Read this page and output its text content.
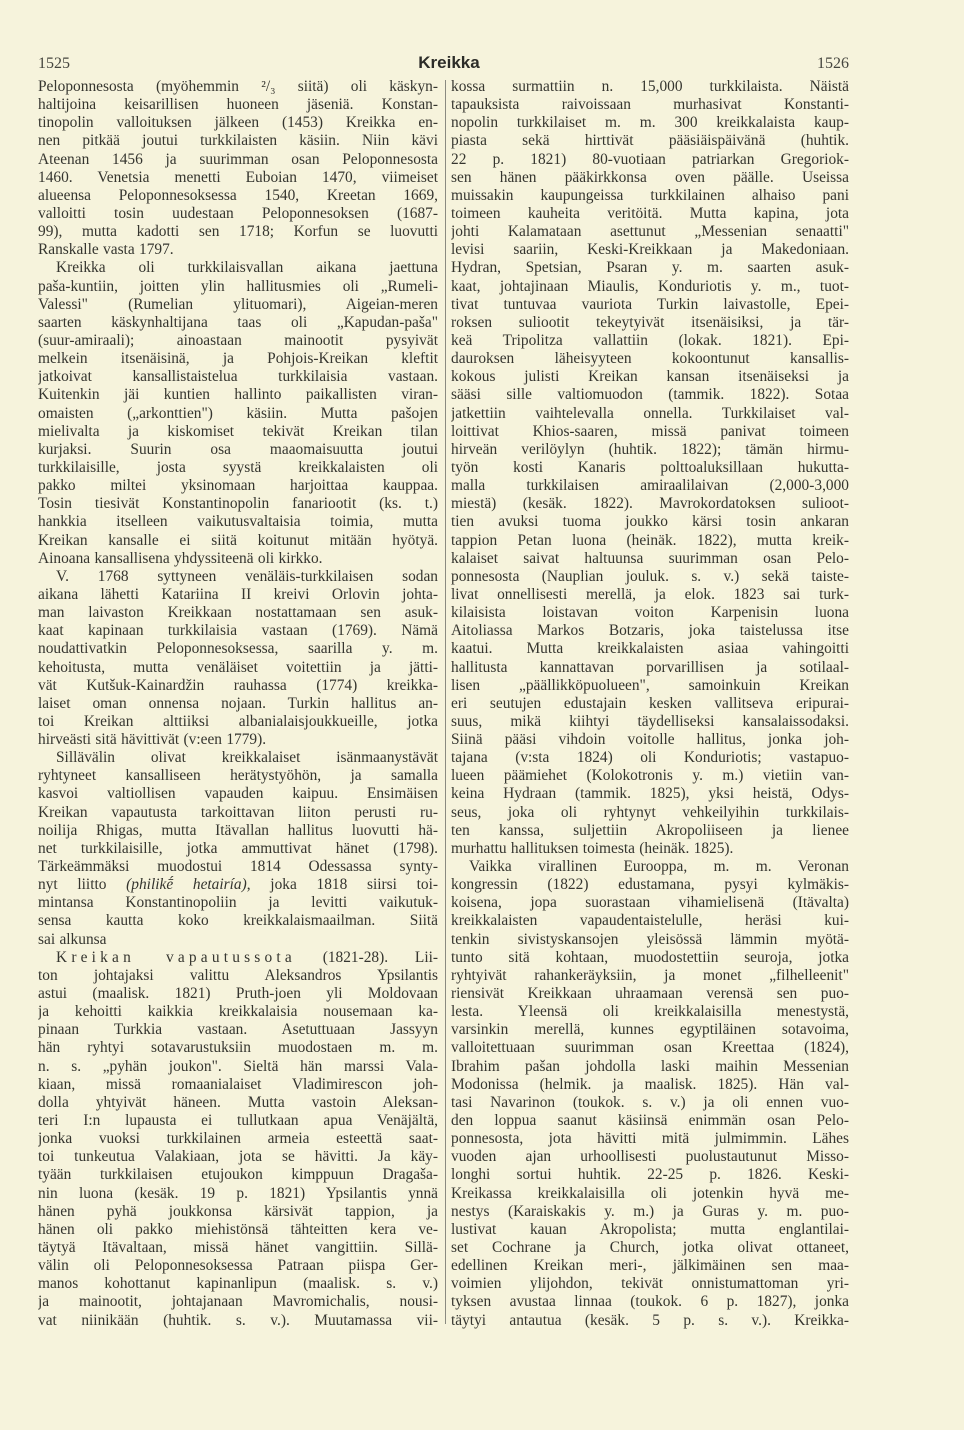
1525	Kreikka	1526
Peloponnesosta (myöhemmin ²/₃ siitä) oli käskyn-
haltijoina keisarillisen huoneen jäseniä. Konstan-
tinopolin valloituksen jälkeen (1453) Kreikka en-
nen pitkää joutui turkkilaisten käsiin. Niin kävi
Ateenan 1456 ja suurimman osan Peloponnesosta
1460. Venetsia menetti Euboian 1470, viimeiset
alueensa Peloponnesoksessa 1540, Kreetan 1669,
valloitti tosin uudestaan Peloponnesoksen (1687-
99), mutta kadotti sen 1718; Korfun se luovutti
Ranskalle vasta 1797.
Kreikka oli turkkilaisvallan aikana jaettuna
paša-kuntiin, joitten ylin hallitusmies oli „Rumeli-
Valessi" (Rumelian ylituomari), Aigeian-meren
saarten käskynhaltijana taas oli „Kapudan-paša"
(suur-amiraali); ainoastaan mainootit pysyivät
melkein itsenäisinä, ja Pohjois-Kreikan kleftit
jatkoivat kansallistaistelua turkkilaisia vastaan.
Kuitenkin jäi kuntien hallinto paikallisten viran-
omaisten („arkonttien") käsiin. Mutta pašojen
mielivalta ja kiskomiset tekivät Kreikan tilan
kurjaksi. Suurin osa maaomaisuutta joutui
turkkilaisille, josta syystä kreikkalaisten oli
pakko miltei yksinomaan harjoittaa kauppaa.
Tosin tiesivät Konstantinopolin fanariootit (ks. t.)
hankkia itselleen vaikutusvaltaisia toimia, mutta
Kreikan kansalle ei siitä koitunut mitään hyötyä.
Ainoana kansallisena yhdyssiteenä oli kirkko.
V. 1768 syttyneen venäläis-turkkilaisen sodan
aikana lähetti Katariina II kreivi Orlovin johta-
man laivaston Kreikkaan nostattamaan sen asuk-
kaat kapinaan turkkilaisia vastaan (1769). Nämä
noudattivatkin Peloponnesoksessa, saarilla y. m.
kehoitusta, mutta venäläiset voitettiin ja jätti-
vät Kutšuk-Kainardžin rauhassa (1774) kreikka-
laiset oman onnensa nojaan. Turkin hallitus an-
toi Kreikan alttiiksi albanialaisjoukkueille, jotka
hirveästi sitä hävittivät (v:een 1779).
Sillävälin olivat kreikkalaiset isänmaanystävät
ryhtyneet kansalliseen herätystyöhön, ja samalla
kasvoi valtiollisen vapauden kaipuu. Ensimäisen
Kreikan vapautusta tarkoittavan liiton perusti ru-
noilija Rhigas, mutta Itävallan hallitus luovutti hä-
net turkkilaisille, jotka ammuttivat hänet (1798).
Tärkeämmäksi muodostui 1814 Odessassa synty-
nyt liitto (philikḗ hetairía), joka 1818 siirsi toi-
mintansa Konstantinopoliin ja levitti vaikutuk-
sensa kautta koko kreikkalaismaailman. Siitä
sai alkunsa
Kreikan vapautussota (1821-28). Lii-
ton johtajaksi valittu Aleksandros Ypsilantis
astui (maalisk. 1821) Pruth-joen yli Moldovaan
ja kehoitti kaikkia kreikkalaisia nousemaan ka-
pinaan Turkkia vastaan. Asetuttuaan Jassyyn
hän ryhtyi sotavarustuksiin muodostaen m. m.
n. s. „pyhän joukon". Sieltä hän marssi Vala-
kiaan, missä romaanialaiset Vladimirescon joh-
dolla yhtyivät häneen. Mutta vastoin Aleksan-
teri I:n lupausta ei tullutkaan apua Venäjältä,
jonka vuoksi turkkilainen armeia esteettä saat-
toi tunkeutua Valakiaan, jota se hävitti. Ja käy-
tyään turkkilaisen etujoukon kimppuun Dragaša-
nin luona (kesäk. 19 p. 1821) Ypsilantis ynnä
hänen pyhä joukkonsa kärsivät tappion, ja
hänen oli pakko miehistönsä tähteitten kera ve-
täytyä Itävaltaan, missä hänet vangittiin. Sillä-
välin oli Peloponnesoksessa Patraan piispa Ger-
manos kohottanut kapinanlipun (maalisk. s. v.)
ja mainootit, johtajanaan Mavromichalis, nousi-
vat niinikään (huhtik. s. v.). Muutamassa vii-
kossa surmattiin n. 15,000 turkkilaista. Näistä
tapauksista raivoissaan murhasivat Konstanti-
nopolin turkkilaiset m. m. 300 kreikkalaista kaup-
piasta sekä hirttivät pääsiäispäivänä (huhtik.
22 p. 1821) 80-vuotiaan patriarkan Gregoriok-
sen hänen pääkirkkonsa oven päälle. Useissa
muissakin kaupungeissa turkkilainen alhaiso pani
toimeen kauheita veritöitä. Mutta kapina, jota
johti Kalamataan asettunut „Messenian senaatti"
levisi saariin, Keski-Kreikkaan ja Makedoniaan.
Hydran, Spetsian, Psaran y. m. saarten asuk-
kaat, johtajinaan Miaulis, Konduriotis y. m., tuot-
tivat tuntuvaa vauriota Turkin laivastolle, Epei-
roksen suliootit tekeytyivät itsenäisiksi, ja tär-
keä Tripolitza vallattiin (lokak. 1821). Epi-
dauroksen läheisyyteen kokoontunut kansallis-
kokous julisti Kreikan kansan itsenäiseksi ja
sääsi sille valtiomuodon (tammik. 1822). Sotaa
jatkettiin vaihtelevalla onnella. Turkkilaiset val-
loittivat Khios-saaren, missä panivat toimeen
hirveän verilöylyn (huhtik. 1822); tämän hirmu-
työn kosti Kanaris polttoaluksillaan hukutta-
malla turkkilaisen amiraalilaivan (2,000-3,000
miestä) (kesäk. 1822). Mavrokordatoksen sulioot-
tien avuksi tuoma joukko kärsi tosin ankaran
tappion Petan luona (heinäk. 1822), mutta kreik-
kalaiset saivat haltuunsa suurimman osan Pelo-
ponnesosta (Nauplian jouluk. s. v.) sekä taiste-
livat onnellisesti merellä, ja elok. 1823 sai turk-
kilaisista loistavan voiton Karpenisin luona
Aitoliassa Markos Botzaris, joka taistelussa itse
kaatui. Mutta kreikkalaisten asiaa vahingoitti
hallitusta kannattavan porvarillisen ja sotilaal-
lisen „päällikköpuolueen", samoinkuin Kreikan
eri seutujen edustajain kesken vallitseva eripurai-
suus, mikä kiihtyi täydelliseksi kansalaissodaksi.
Siinä pääsi vihdoin voitolle hallitus, jonka joh-
tajana (v:sta 1824) oli Konduriotis; vastapuo-
lueen päämiehet (Kolokotronis y. m.) vietiin van-
keina Hydraan (tammik. 1825), yksi heistä, Odys-
seus, joka oli ryhtynyt vehkeilyihin turkkilais-
ten kanssa, suljettiin Akropoliiseen ja lienee
murhattu hallituksen toimesta (heinäk. 1825).
Vaikka virallinen Eurooppa, m. m. Veronan
kongressin (1822) edustamana, pysyi kylmäkis-
koisena, jopa suorastaan vihamielisenä (Itävalta)
kreikkalaisten vapaudentaistelulle, heräsi kui-
tenkin sivistyskansojen yleisössä lämmin myötä-
tunto sitä kohtaan, muodostettiin seuroja, jotka
ryhtyivät rahankeräyksiin, ja monet „filhelleenit"
riensivät Kreikkaan uhraamaan verensä sen puo-
lesta. Yleensä oli kreikkalaisilla menestystä,
varsinkin merellä, kunnes egyptiläinen sotavoima,
valloitettuaan suurimman osan Kreettaa (1824),
Ibrahim pašan johdolla laski maihin Messenian
Modonissa (helmik. ja maalisk. 1825). Hän val-
tasi Navarinon (toukok. s. v.) ja oli ennen vuo-
den loppua saanut käsiinsä enimmän osan Pelo-
ponnesosta, jota hävitti mitä julmimmin. Lähes
vuoden ajan urhoollisesti puolustautunut Misso-
longhi sortui huhtik. 22-25 p. 1826. Keski-
Kreikassa kreikkalaisilla oli jotenkin hyvä me-
nestys (Karaiskakis y. m.) ja Guras y. m. puo-
lustivat kauan Akropolista; mutta englantilai-
set Cochrane ja Church, jotka olivat ottaneet,
edellinen Kreikan meri-, jälkimäinen sen maa-
voimien ylijohdon, tekivät onnistumattoman yri-
tyksen avustaa linnaa (toukok. 6 p. 1827), jonka
täytyi antautua (kesäk. 5 p. s. v.). Kreikka-
